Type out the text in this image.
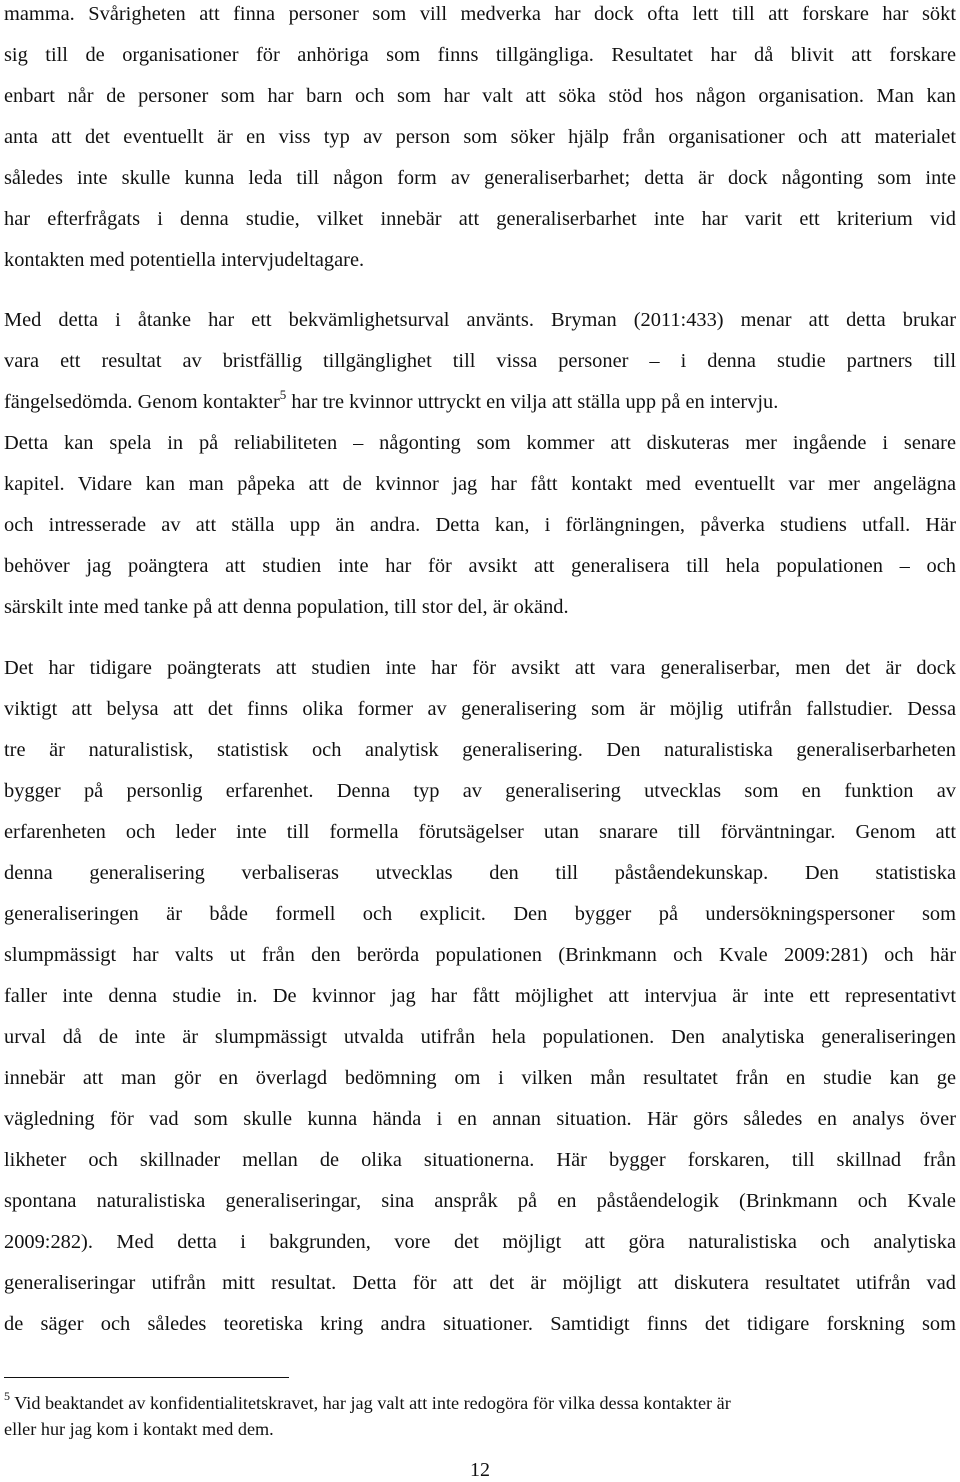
mamma. Svårigheten att finna personer som vill medverka har dock ofta lett till att forskare har sökt
sig till de organisationer för anhöriga som finns tillgängliga. Resultatet har då blivit att forskare
enbart når de personer som har barn och som har valt att söka stöd hos någon organisation. Man kan
anta att det eventuellt är en viss typ av person som söker hjälp från organisationer och att materialet
således inte skulle kunna leda till någon form av generaliserbarhet; detta är dock någonting som inte
har efterfrågats i denna studie, vilket innebär att generaliserbarhet inte har varit ett kriterium vid
kontakten med potentiella intervjudeltagare.
Med detta i åtanke har ett bekvämlighetsurval använts. Bryman (2011:433) menar att detta brukar
vara ett resultat av bristfällig tillgänglighet till vissa personer – i denna studie partners till
fängelsedömda. Genom kontakter$^5$ har tre kvinnor uttryckt en vilja att ställa upp på en intervju.
Detta kan spela in på reliabiliteten – någonting som kommer att diskuteras mer ingående i senare
kapitel. Vidare kan man påpeka att de kvinnor jag har fått kontakt med eventuellt var mer angelägna
och intresserade av att ställa upp än andra. Detta kan, i förlängningen, påverka studiens utfall. Här
behöver jag poängtera att studien inte har för avsikt att generalisera till hela populationen – och
särskilt inte med tanke på att denna population, till stor del, är okänd.
Det har tidigare poängterats att studien inte har för avsikt att vara generaliserbar, men det är dock
viktigt att belysa att det finns olika former av generalisering som är möjlig utifrån fallstudier. Dessa
tre är naturalistisk, statistisk och analytisk generalisering. Den naturalistiska generaliserbarheten
bygger på personlig erfarenhet. Denna typ av generalisering utvecklas som en funktion av
erfarenheten och leder inte till formella förutsägelser utan snarare till förväntningar. Genom att
denna generalisering verbaliseras utvecklas den till påståendekunskap. Den statistiska
generaliseringen är både formell och explicit. Den bygger på undersökningspersoner som
slumpmässigt har valts ut från den berörda populationen (Brinkmann och Kvale 2009:281) och här
faller inte denna studie in. De kvinnor jag har fått möjlighet att intervjua är inte ett representativt
urval då de inte är slumpmässigt utvalda utifrån hela populationen. Den analytiska generaliseringen
innebär att man gör en överlagd bedömning om i vilken mån resultatet från en studie kan ge
vägledning för vad som skulle kunna hända i en annan situation. Här görs således en analys över
likheter och skillnader mellan de olika situationerna. Här bygger forskaren, till skillnad från
spontana naturalistiska generaliseringar, sina anspråk på en påståendelogik (Brinkmann och Kvale
2009:282). Med detta i bakgrunden, vore det möjligt att göra naturalistiska och analytiska
generaliseringar utifrån mitt resultat. Detta för att det är möjligt att diskutera resultatet utifrån vad
de säger och således teoretiska kring andra situationer. Samtidigt finns det tidigare forskning som
$^5$ Vid beaktandet av konfidentialitetskravet, har jag valt att inte redogöra för vilka dessa kontakter är
eller hur jag kom i kontakt med dem.
12
